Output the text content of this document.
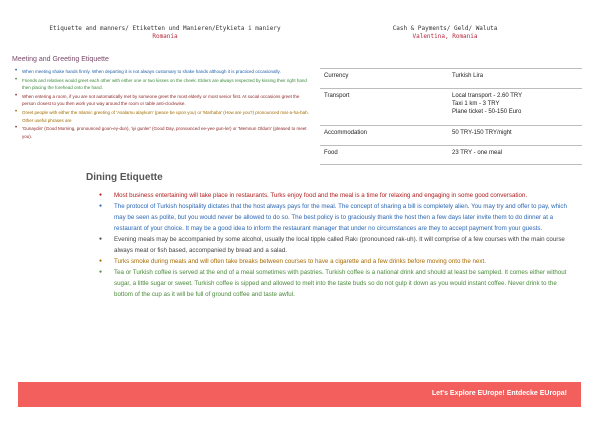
Etiquette and manners/ Etiketten und Manieren/Etykieta i maniery
Romania
Cash & Payments/ Geld/ Waluta
Valentina, Romania
Meeting and Greeting Etiquette
• When meeting shake hands firmly. When departing it is not always customary to shake hands although it is practiced occasionally.
• Friends and relatives would greet each other with either one or two kisses on the cheek. Elders are always respected by kissing their right hand then placing the forehead onto the hand.
• When entering a room, if you are not automatically met by someone greet the most elderly or most senior first. At social occasions greet the person closest to you then work your way around the room or table anti-clockwise.
• Greet people with either the Islamic greeting of 'Asalamu alaykum' (peace be upon you) or 'Marhaba' (How are you?) pronounced mar-a-ha-bah. Other useful phrases are
• 'Gunaydin' (Good Morning, pronounced goon-ey-dun), 'iyi gunler' (Good Day, pronounced ee-yee gun-ler) or 'Memnun Oldum' (pleased to meet you).
Currency	Turkish Lira

Transport	Local transport - 2.60 TRY
Taxi 1 km - 3 TRY
Plane ticket - 50-150 Euro

Accommodation	50 TRY-150 TRY/night

Food	23 TRY - one meal
Dining Etiquette
● Most business entertaining will take place in restaurants. Turks enjoy food and the meal is a time for relaxing and engaging in some good conversation.
● The protocol of Turkish hospitality dictates that the host always pays for the meal. The concept of sharing a bill is completely alien. You may try and offer to pay, which may be seen as polite, but you would never be allowed to do so. The best policy is to graciously thank the host then a few days later invite them to do dinner at a restaurant of your choice. It may be a good idea to inform the restaurant manager that under no circumstances are they to accept payment from your guests.
● Evening meals may be accompanied by some alcohol, usually the local tipple called Rakı (pronounced rak-uh). It will comprise of a few courses with the main course always meat or fish based, accompanied by bread and a salad.
● Turks smoke during meals and will often take breaks between courses to have a cigarette and a few drinks before moving onto the next.
● Tea or Turkish coffee is served at the end of a meal sometimes with pastries. Turkish coffee is a national drink and should at least be sampled. It comes either without sugar, a little sugar or sweet. Turkish coffee is sipped and allowed to melt into the taste buds so do not gulp it down as you would instant coffee. Never drink to the bottom of the cup as it will be full of ground coffee and taste awful.
Let's Explore EUrope! Entdecke EUropa!
